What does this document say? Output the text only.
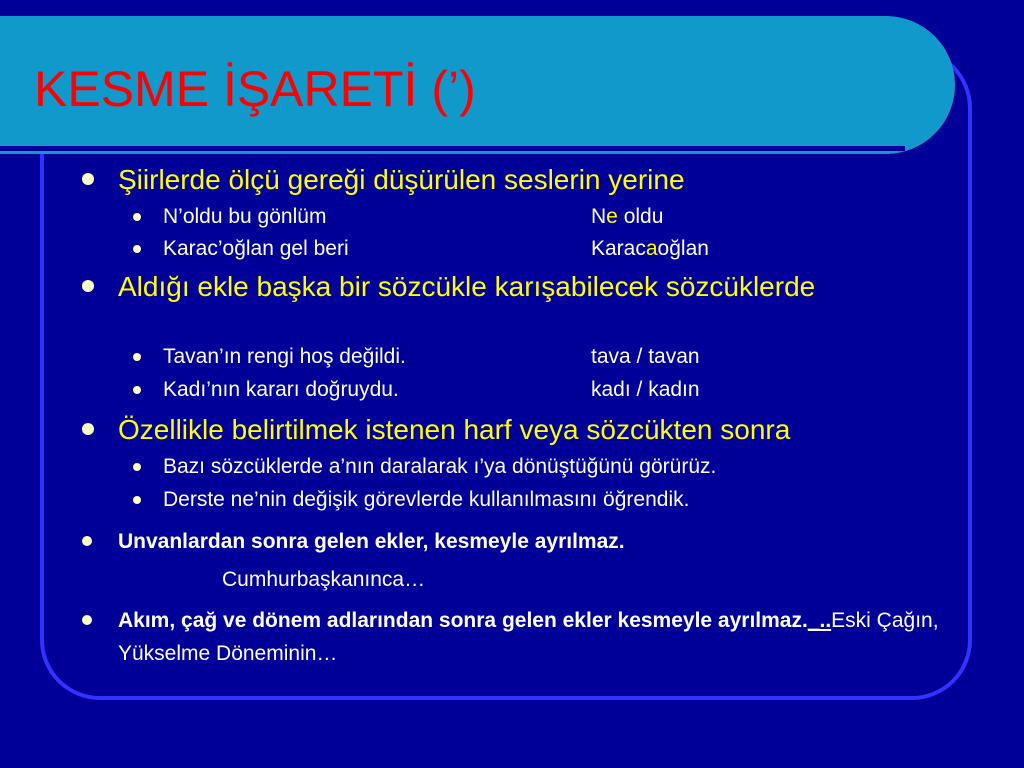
KESME İŞARETİ (’)
Şiirlerde ölçü gereği düşürülen seslerin yerine
N’oldu bu gönlüm	Ne oldu
Karac’oğlan gel beri	Karacaoğlan
Aldığı ekle başka bir sözcükle karışabilecek sözcüklerde
Tavan’ın rengi hoş değildi.	tava / tavan
Kadı’nın kararı doğruydu.	kadı / kadın
Özellikle belirtilmek istenen harf veya sözcükten sonra
Bazı sözcüklerde a’nın daralarak ı’ya dönüştüğünü görürüz.
Derste ne’nin değişik görevlerde kullanılmasını öğrendik.
Unvanlardan sonra gelen ekler, kesmeyle ayrılmaz.
Cumhurbaşkanınca…
Akım, çağ ve dönem adlarından sonra gelen ekler kesmeyle ayrılmaz._..Eski Çağın, Yükselme Döneminin…
